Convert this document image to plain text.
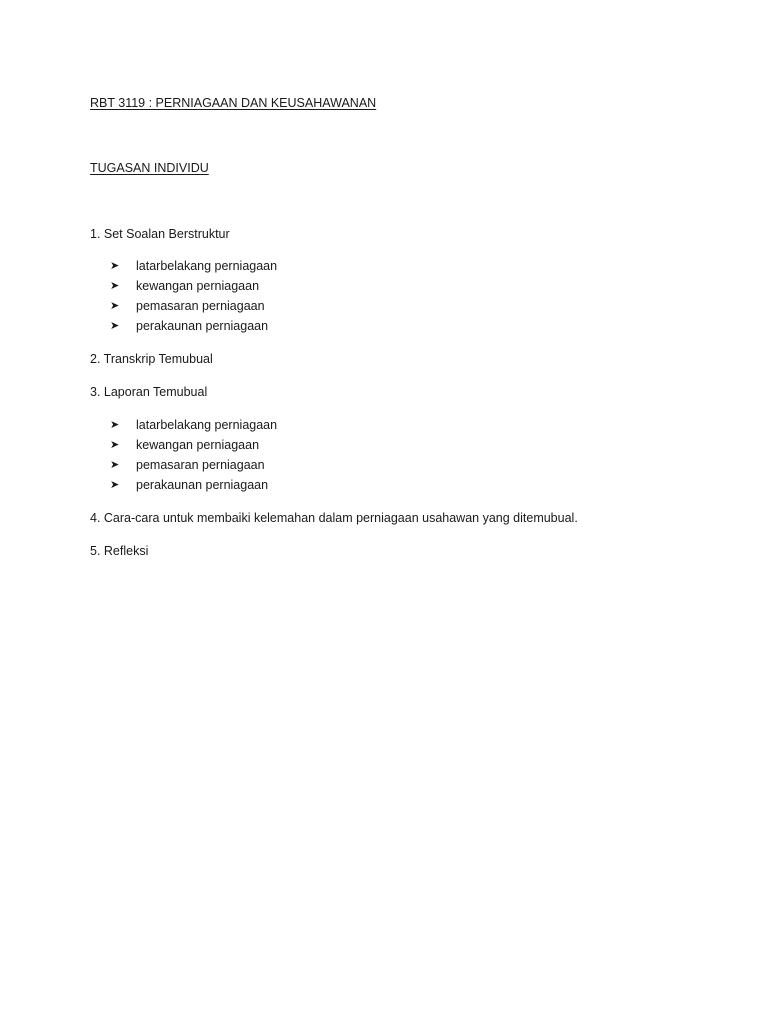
RBT 3119 : PERNIAGAAN DAN KEUSAHAWANAN
TUGASAN INDIVIDU
1. Set Soalan Berstruktur
➤	latarbelakang perniagaan
➤	kewangan perniagaan
➤	pemasaran perniagaan
➤	perakaunan perniagaan
2. Transkrip Temubual
3. Laporan Temubual
➤	latarbelakang perniagaan
➤	kewangan perniagaan
➤	pemasaran perniagaan
➤	perakaunan perniagaan
4. Cara-cara untuk membaiki kelemahan dalam perniagaan usahawan yang ditemubual.
5. Refleksi
